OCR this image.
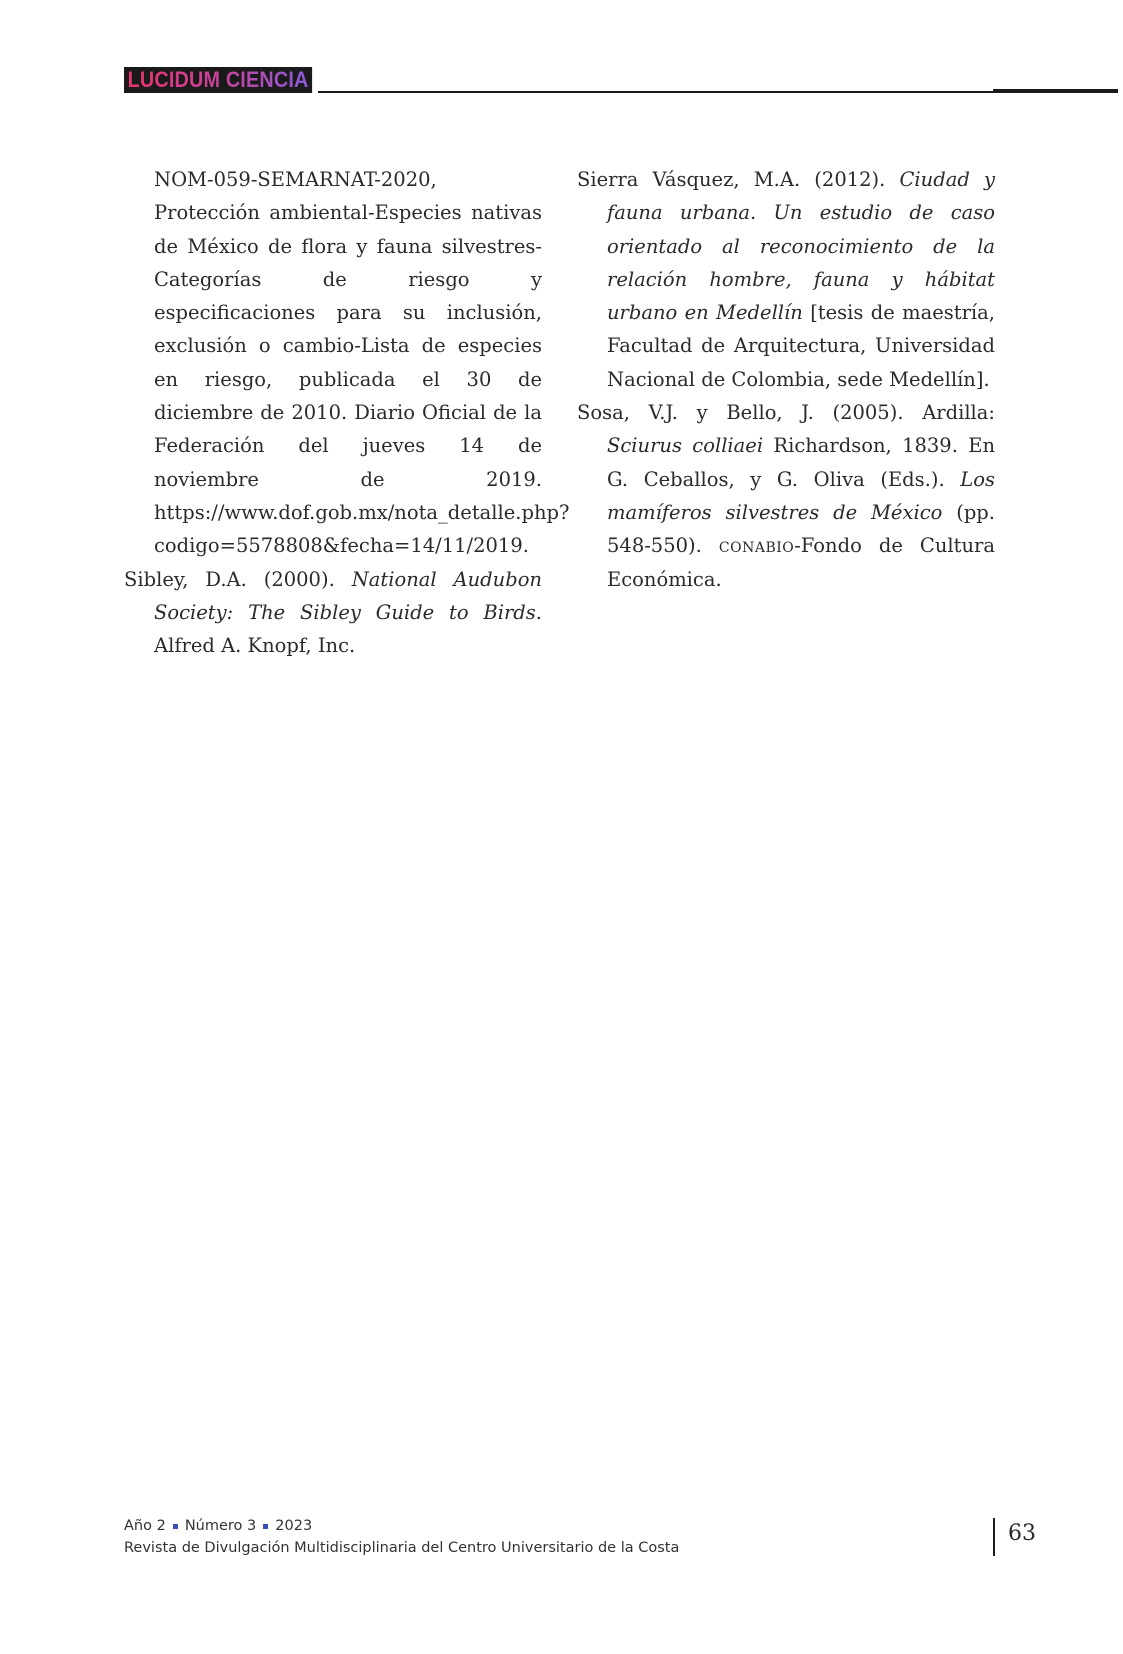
LUCIDUM CIENCIA

NOM-059-SEMARNAT-2020, Protección ambiental-Especies nativas de México de flora y fauna silvestres-Categorías de riesgo y especificaciones para su inclusión, exclusión o cambio-Lista de especies en riesgo, publicada el 30 de diciembre de 2010. Diario Oficial de la Federación del jueves 14 de noviembre de 2019. https://www.dof.gob.mx/nota_detalle.php?codigo=5578808&fecha=14/11/2019.

Sibley, D.A. (2000). National Audubon Society: The Sibley Guide to Birds. Alfred A. Knopf, Inc.

Sierra Vásquez, M.A. (2012). Ciudad y fauna urbana. Un estudio de caso orientado al reconocimiento de la relación hombre, fauna y hábitat urbano en Medellín [tesis de maestría, Facultad de Arquitectura, Universidad Nacional de Colombia, sede Medellín].

Sosa, V.J. y Bello, J. (2005). Ardilla: Sciurus colliaei Richardson, 1839. En G. Ceballos, y G. Oliva (Eds.). Los mamíferos silvestres de México (pp. 548-550). conabio-Fondo de Cultura Económica.

Año 2 Número 3 2023
Revista de Divulgación Multidisciplinaria del Centro Universitario de la Costa
63
